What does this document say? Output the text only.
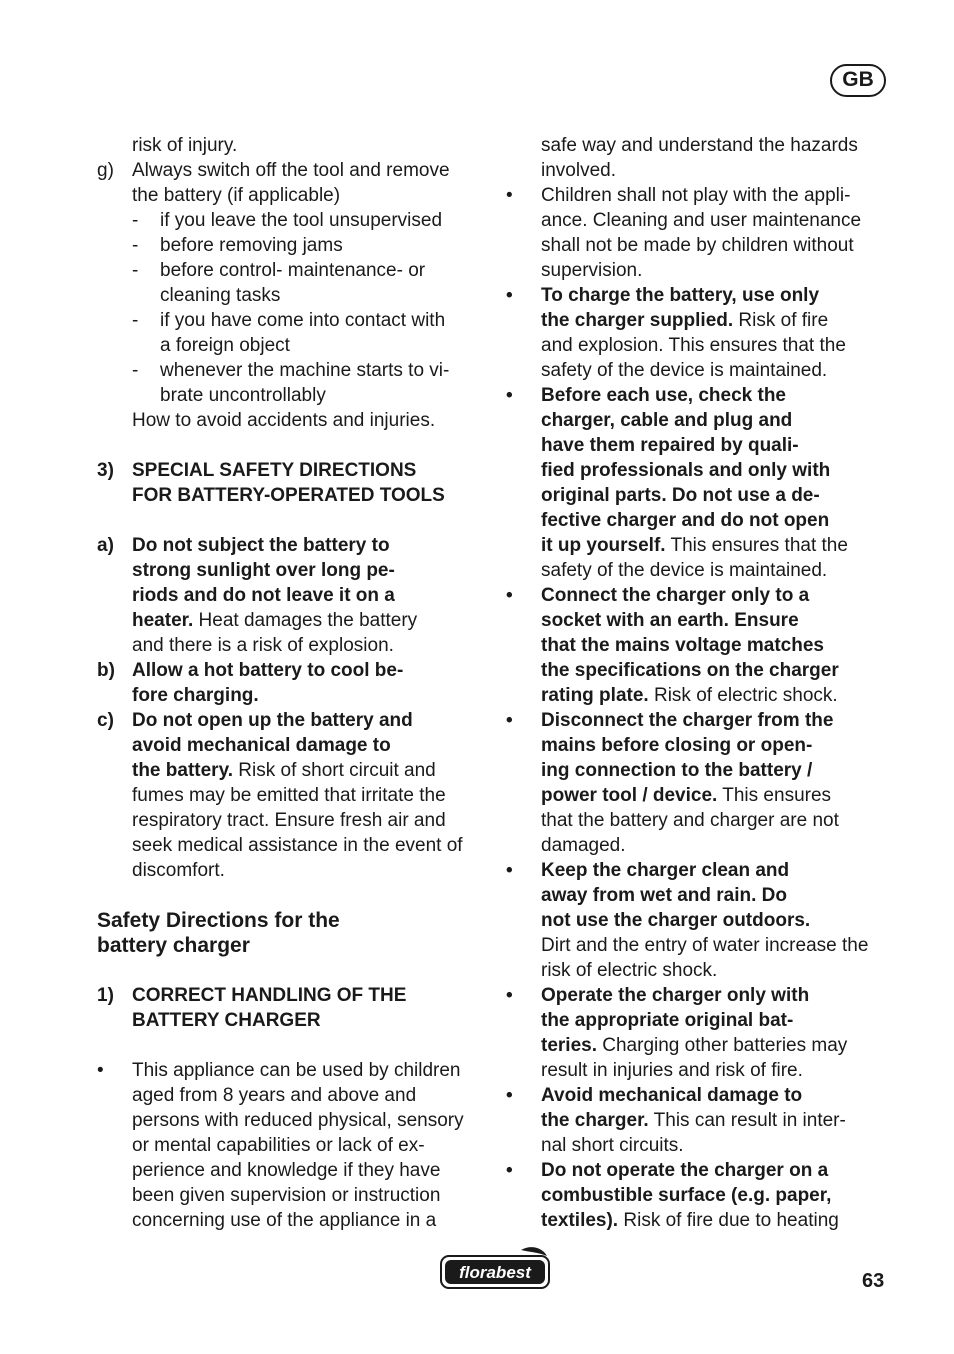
GB
risk of injury.
g) Always switch off the tool and remove
the battery (if applicable)
- if you leave the tool unsupervised
- before removing jams
- before control- maintenance- or
cleaning tasks
- if you have come into contact with
a foreign object
- whenever the machine starts to vi-
brate uncontrollably
How to avoid accidents and injuries.
3) SPECIAL SAFETY DIRECTIONS
FOR BATTERY-OPERATED TOOLS
a) Do not subject the battery to
strong sunlight over long pe-
riods and do not leave it on a
heater. Heat damages the battery
and there is a risk of explosion.
b) Allow a hot battery to cool be-
fore charging.
c) Do not open up the battery and
avoid mechanical damage to
the battery. Risk of short circuit and
fumes may be emitted that irritate the
respiratory tract. Ensure fresh air and
seek medical assistance in the event of
discomfort.
Safety Directions for the
battery charger
1) CORRECT HANDLING OF THE
BATTERY CHARGER
• This appliance can be used by children
aged from 8 years and above and
persons with reduced physical, sensory
or mental capabilities or lack of ex-
perience and knowledge if they have
been given supervision or instruction
concerning use of the appliance in a
safe way and understand the hazards
involved.
• Children shall not play with the appli-
ance. Cleaning and user maintenance
shall not be made by children without
supervision.
• To charge the battery, use only
the charger supplied. Risk of fire
and explosion. This ensures that the
safety of the device is maintained.
• Before each use, check the
charger, cable and plug and
have them repaired by quali-
fied professionals and only with
original parts. Do not use a de-
fective charger and do not open
it up yourself. This ensures that the
safety of the device is maintained.
• Connect the charger only to a
socket with an earth. Ensure
that the mains voltage matches
the specifications on the charger
rating plate. Risk of electric shock.
• Disconnect the charger from the
mains before closing or open-
ing connection to the battery /
power tool / device. This ensures
that the battery and charger are not
damaged.
• Keep the charger clean and
away from wet and rain. Do
not use the charger outdoors.
Dirt and the entry of water increase the
risk of electric shock.
• Operate the charger only with
the appropriate original bat-
teries. Charging other batteries may
result in injuries and risk of fire.
• Avoid mechanical damage to
the charger. This can result in inter-
nal short circuits.
• Do not operate the charger on a
combustible surface (e.g. paper,
textiles). Risk of fire due to heating
florabest	63
